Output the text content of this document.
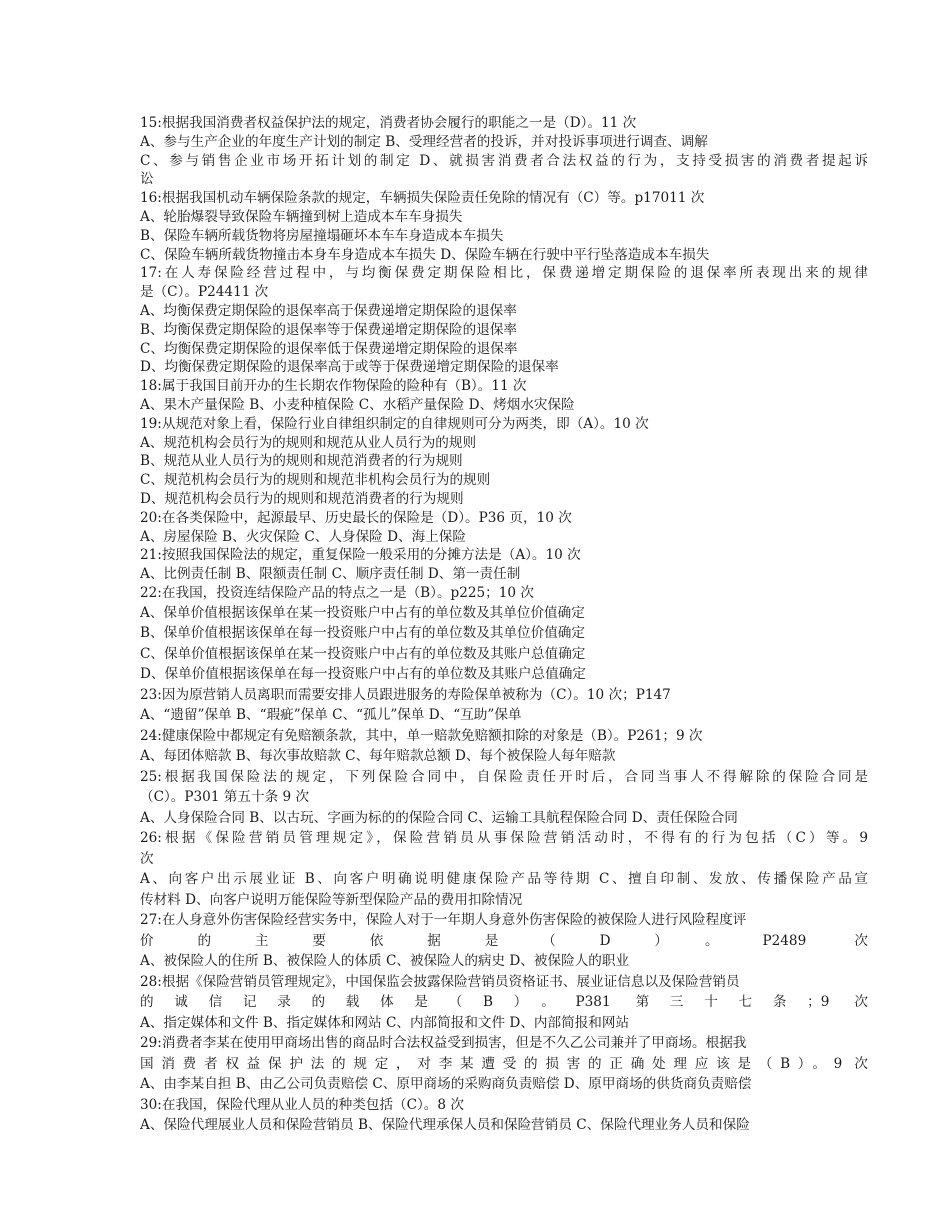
15:根据我国消费者权益保护法的规定，消费者协会履行的职能之一是（D）。11 次
A、参与生产企业的年度生产计划的制定 B、受理经营者的投诉，并对投诉事项进行调查、调解
C、参与销售企业市场开拓计划的制定 D、就损害消费者合法权益的行为，支持受损害的消费者提起诉
讼
16:根据我国机动车辆保险条款的规定，车辆损失保险责任免除的情况有（C）等。p17011 次
A、轮胎爆裂导致保险车辆撞到树上造成本车车身损失
B、保险车辆所载货物将房屋撞塌砸坏本车车身造成本车损失
C、保险车辆所载货物撞击本身车身造成本车损失 D、保险车辆在行驶中平行坠落造成本车损失
17:在人寿保险经营过程中，与均衡保费定期保险相比，保费递增定期保险的退保率所表现出来的规律
是（C）。P24411 次
A、均衡保费定期保险的退保率高于保费递增定期保险的退保率
B、均衡保费定期保险的退保率等于保费递增定期保险的退保率
C、均衡保费定期保险的退保率低于保费递增定期保险的退保率
D、均衡保费定期保险的退保率高于或等于保费递增定期保险的退保率
18:属于我国目前开办的生长期农作物保险的险种有（B）。11 次
A、果木产量保险 B、小麦种植保险 C、水稻产量保险 D、烤烟水灾保险
19:从规范对象上看，保险行业自律组织制定的自律规则可分为两类，即（A）。10 次
A、规范机构会员行为的规则和规范从业人员行为的规则
B、规范从业人员行为的规则和规范消费者的行为规则
C、规范机构会员行为的规则和规范非机构会员行为的规则
D、规范机构会员行为的规则和规范消费者的行为规则
20:在各类保险中，起源最早、历史最长的保险是（D）。P36 页，10 次
A、房屋保险 B、火灾保险 C、人身保险 D、海上保险
21:按照我国保险法的规定，重复保险一般采用的分摊方法是（A）。10 次
A、比例责任制 B、限额责任制 C、顺序责任制 D、第一责任制
22:在我国，投资连结保险产品的特点之一是（B）。p225；10 次
A、保单价值根据该保单在某一投资账户中占有的单位数及其单位价值确定
B、保单价值根据该保单在每一投资账户中占有的单位数及其单位价值确定
C、保单价值根据该保单在某一投资账户中占有的单位数及其账户总值确定
D、保单价值根据该保单在每一投资账户中占有的单位数及其账户总值确定
23:因为原营销人员离职而需要安排人员跟进服务的寿险保单被称为（C）。10 次；P147
A、“遗留”保单 B、“瑕疵”保单 C、“孤儿”保单 D、“互助”保单
24:健康保险中都规定有免赔额条款，其中，单一赔款免赔额扣除的对象是（B）。P261；9 次
A、每团体赔款 B、每次事故赔款 C、每年赔款总额 D、每个被保险人每年赔款
25:根据我国保险法的规定，下列保险合同中，自保险责任开时后，合同当事人不得解除的保险合同是
（C）。P301 第五十条 9 次
A、人身保险合同 B、以古玩、字画为标的的保险合同 C、运输工具航程保险合同 D、责任保险合同
26:根据《保险营销员管理规定》，保险营销员从事保险营销活动时，不得有的行为包括（C）等。9
次
A、向客户出示展业证 B、向客户明确说明健康保险产品等待期 C、擅自印制、发放、传播保险产品宣
传材料 D、向客户说明万能保险等新型保险产品的费用扣除情况
27:在人身意外伤害保险经营实务中，保险人对于一年期人身意外伤害保险的被保险人进行风险程度评
价的主要依据是（D）。P2489 次
A、被保险人的住所 B、被保险人的体质 C、被保险人的病史 D、被保险人的职业
28:根据《保险营销员管理规定》，中国保监会披露保险营销员资格证书、展业证信息以及保险营销员
的诚信记录的载体是（B）。P381 第三十七条；9 次
A、指定媒体和文件 B、指定媒体和网站 C、内部简报和文件 D、内部简报和网站
29:消费者李某在使用甲商场出售的商品时合法权益受到损害，但是不久乙公司兼并了甲商场。根据我
国消费者权益保护法的规定，对李某遭受的损害的正确处理应该是（B）。9 次
A、由李某自担 B、由乙公司负责赔偿 C、原甲商场的采购商负责赔偿 D、原甲商场的供货商负责赔偿
30:在我国，保险代理从业人员的种类包括（C）。8 次
A、保险代理展业人员和保险营销员 B、保险代理承保人员和保险营销员 C、保险代理业务人员和保险
